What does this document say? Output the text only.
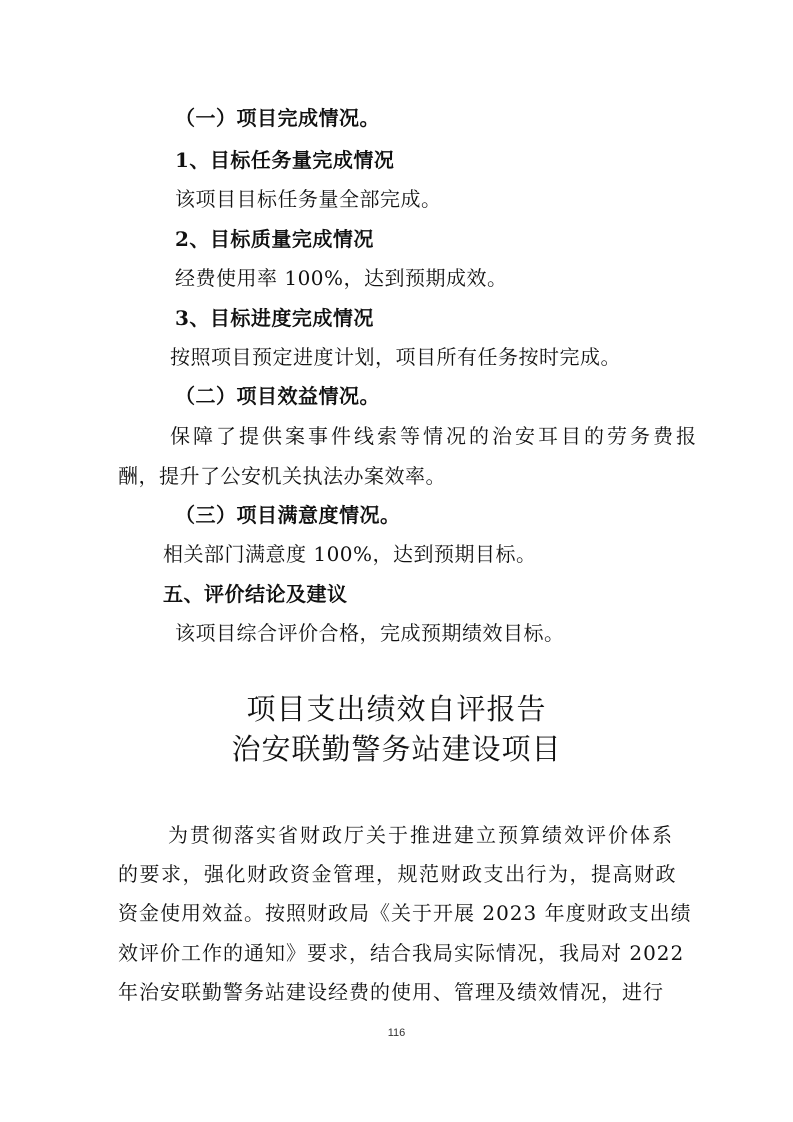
（一）项目完成情况。
1、目标任务量完成情况
该项目目标任务量全部完成。
2、目标质量完成情况
经费使用率 100%，达到预期成效。
3、目标进度完成情况
按照项目预定进度计划，项目所有任务按时完成。
（二）项目效益情况。
保障了提供案事件线索等情况的治安耳目的劳务费报
酬，提升了公安机关执法办案效率。
（三）项目满意度情况。
相关部门满意度 100%，达到预期目标。
五、评价结论及建议
该项目综合评价合格，完成预期绩效目标。
项目支出绩效自评报告
治安联勤警务站建设项目
为贯彻落实省财政厅关于推进建立预算绩效评价体系
的要求，强化财政资金管理，规范财政支出行为，提高财政
资金使用效益。按照财政局《关于开展 2023 年度财政支出绩
效评价工作的通知》要求，结合我局实际情况，我局对 2022
年治安联勤警务站建设经费的使用、管理及绩效情况，进行
116
